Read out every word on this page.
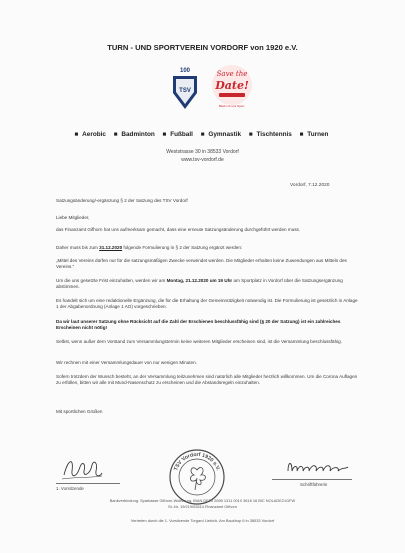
TURN - UND SPORTVEREIN VORDORF von 1920 e.V.
100
TSV
Save the
Date!
Bleib mit uns Sport.
■ Aerobic ■ Badminton ■ Fußball ■ Gymnastik ■ Tischtennis ■ Turnen
Weststrasse 30 in 38533 Vordorf
www.tsv-vordorf.de
Vordorf, 7.12.2020
Satzungsänderung/-ergänzung § 2 der Satzung des TSV Vordorf
Liebe Mitglieder,
das Finanzamt Gifhorn hat uns aufmerksam gemacht, dass eine erneute Satzungsänderung durchgeführt werden muss.
Daher muss bis zum 31.12.2020 folgende Formulierung in § 2 der Satzung ergänzt werden:
„Mittel des Vereins dürfen nur für die satzungsmäßigen Zwecke verwendet werden. Die Mitglieder erhalten keine Zuwendungen aus Mitteln des Vereins.“
Um die uns gesetzte Frist einzuhalten, werden wir am Montag, 21.12.2020 um 19 Uhr am Sportplatz in Vordorf über die Satzungsergänzung abstimmen.
Es handelt sich um eine redaktionelle Ergänzung, die für die Erhaltung der Gemeinnützigkeit notwendig ist. Die Formulierung ist gesetzlich in Anlage 1 der Abgabenordnung (Anlage 1 AO) vorgeschrieben.
Da wir laut unserer Satzung ohne Rücksicht auf die Zahl der Erschienen beschlussfähig sind (§ 20 der Satzung) ist ein zahlreiches Erscheinen nicht nötig!
Selbst, wenn außer dem Vorstand zum Versammlungstermin keine weiteren Mitglieder erscheinen sind, ist die Versammlung beschlussfähig.
Wir rechnen mit einer Versammlungsdauer von nur wenigen Minuten.
Sofern trotzdem der Wunsch besteht, an der Versammlung teilzunehmen sind natürlich alle Mitglieder herzlich willkommen. Um die Corona Auflagen zu erfüllen, bitten wir alle mit Mund-Nasenschutz zu erscheinen und die Abstandsregeln einzuhalten.
Mit sportlichen Grüßen
TSV Vordorf 1920 e.V.
1. Vorsitzende
Schriftführerin
Bankverbindung: Sparkasse Gifhorn-Wolfsburg, IBAN DE25 2695 1311 0010 3618 16 BIC NOLADE21GFW
St.-Nr. 19/219/02814 Finanzamt Gifhorn
Vertreten durch die 1. Vorsitzende Torgard Liebich, Am Baukhop 6 in 38533 Vordorf
